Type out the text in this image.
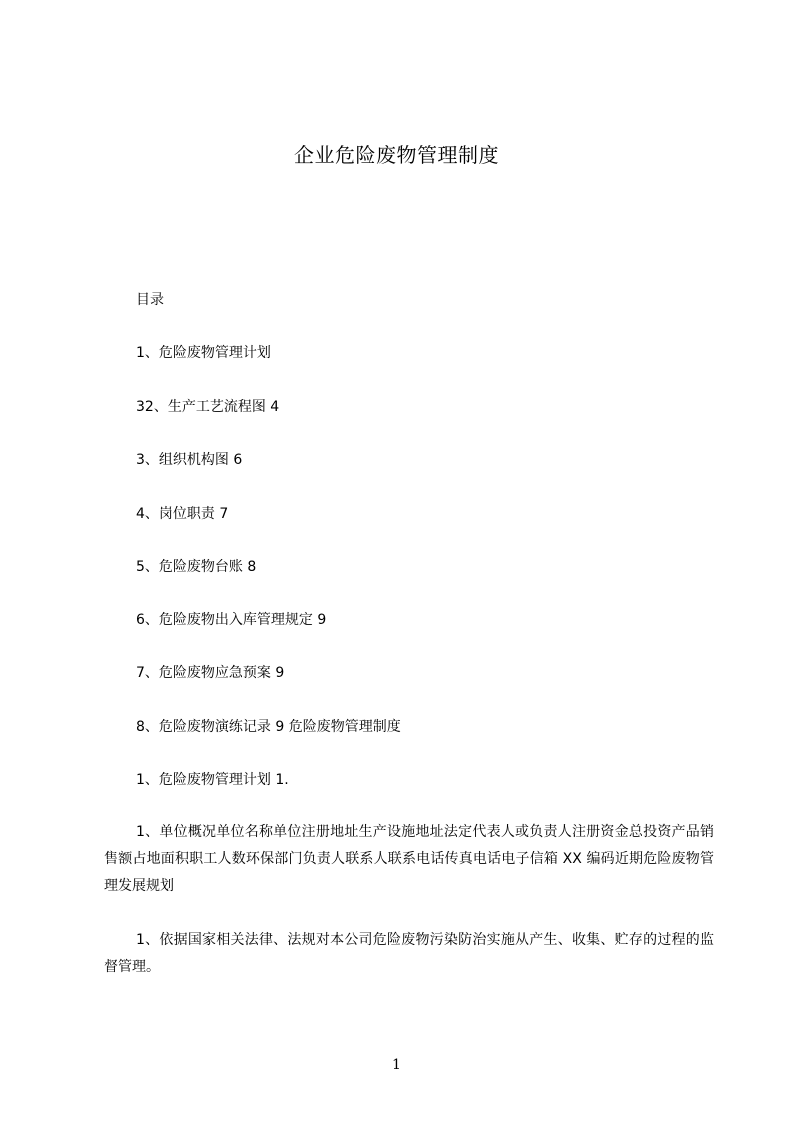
企业危险废物管理制度
目录
1、危险废物管理计划
32、生产工艺流程图 4
3、组织机构图 6
4、岗位职责 7
5、危险废物台账 8
6、危险废物出入库管理规定 9
7、危险废物应急预案 9
8、危险废物演练记录 9 危险废物管理制度
1、危险废物管理计划 1.
1、单位概况单位名称单位注册地址生产设施地址法定代表人或负责人注册资金总投资产品销售额占地面积职工人数环保部门负责人联系人联系电话传真电话电子信箱 XX 编码近期危险废物管理发展规划
1、依据国家相关法律、法规对本公司危险废物污染防治实施从产生、收集、贮存的过程的监督管理。
1
